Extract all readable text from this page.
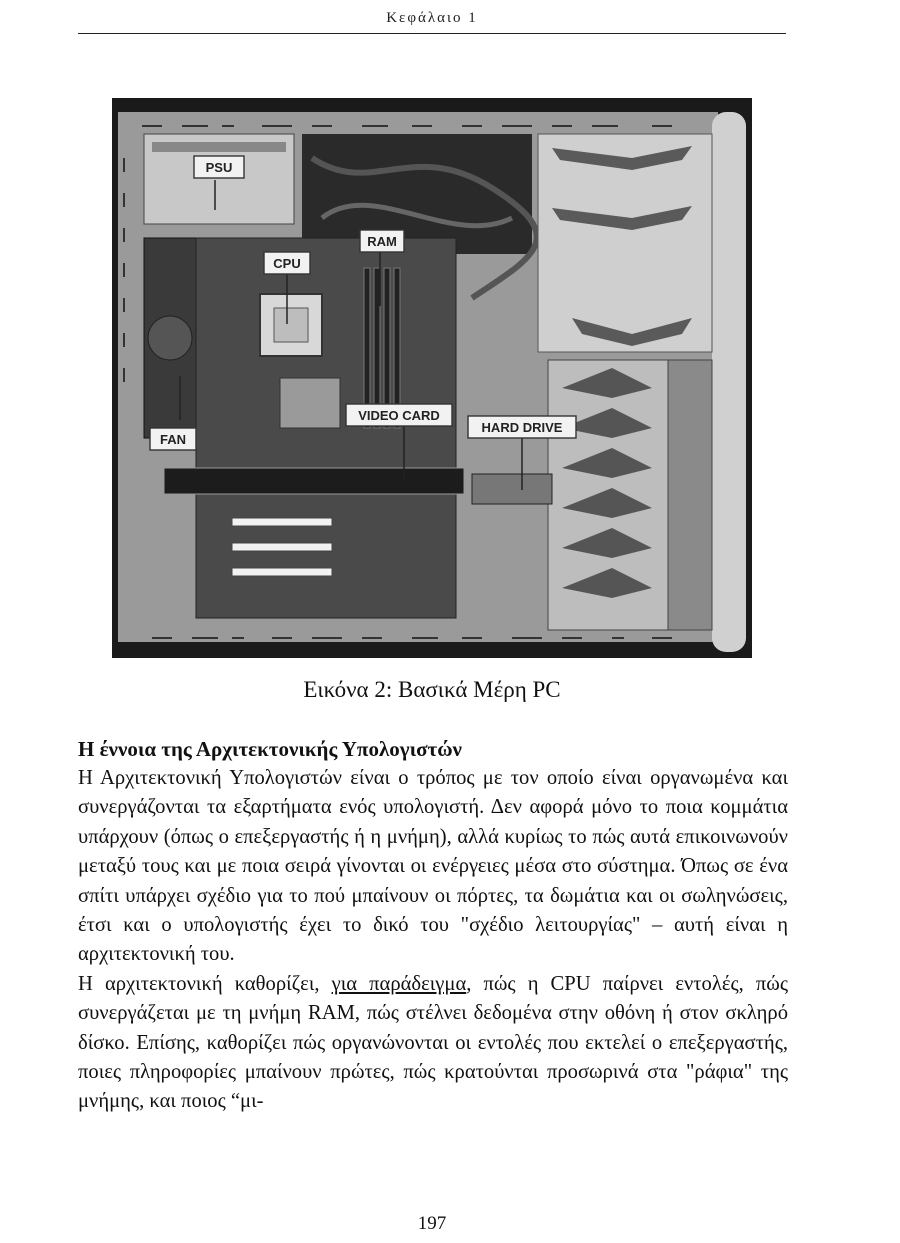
Κεφάλαιο 1
PSU
RAM
CPU
VIDEO CARD
FAN
HARD DRIVE
Εικόνα 2: Βασικά Μέρη PC
Η έννοια της Αρχιτεκτονικής Υπολογιστών

Η Αρχιτεκτονική Υπολογιστών είναι ο τρόπος με τον οποίο είναι οργανωμένα και συνεργάζονται τα εξαρτήματα ενός υπολογιστή. Δεν αφορά μόνο το ποια κομμάτια υπάρχουν (όπως ο επεξεργαστής ή η μνήμη), αλλά κυρίως το πώς αυτά επικοινωνούν μεταξύ τους και με ποια σειρά γίνονται οι ενέργειες μέσα στο σύστημα. Όπως σε ένα σπίτι υπάρχει σχέδιο για το πού μπαίνουν οι πόρτες, τα δωμάτια και οι σωληνώσεις, έτσι και ο υπολογιστής έχει το δικό του "σχέδιο λειτουργίας" – αυτή είναι η αρχιτεκτονική του.

Η αρχιτεκτονική καθορίζει, για παράδειγμα, πώς η CPU παίρνει εντολές, πώς συνεργάζεται με τη μνήμη RAM, πώς στέλνει δεδομένα στην οθόνη ή στον σκληρό δίσκο. Επίσης, καθορίζει πώς οργανώνονται οι εντολές που εκτελεί ο επεξεργαστής, ποιες πληροφορίες μπαίνουν πρώτες, πώς κρατούνται προσωρινά στα "ράφια" της μνήμης, και ποιος “μι-

197
